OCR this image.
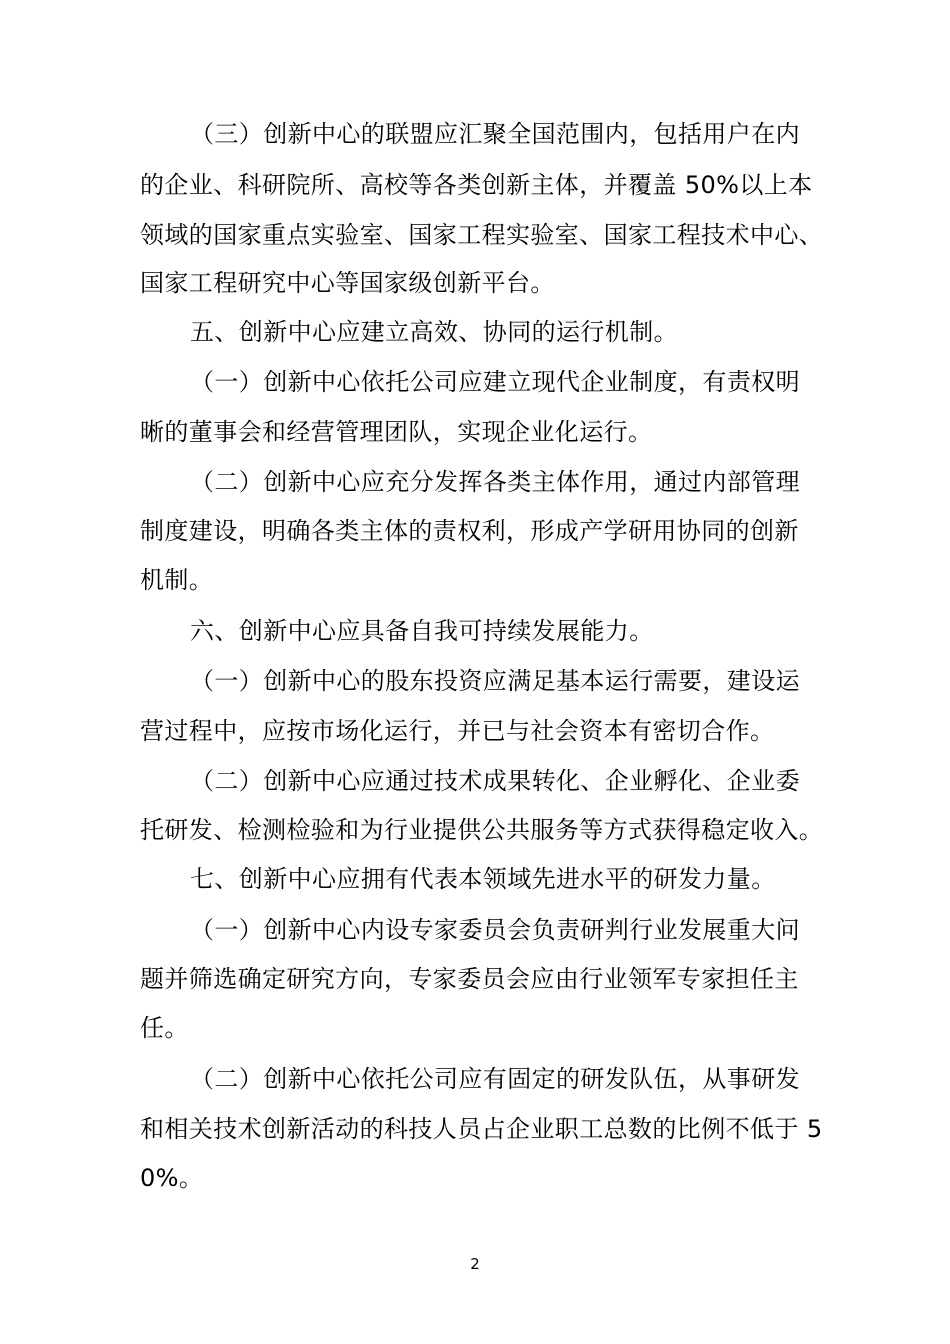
（三）创新中心的联盟应汇聚全国范围内，包括用户在内
的企业、科研院所、高校等各类创新主体，并覆盖 50%以上本
领域的国家重点实验室、国家工程实验室、国家工程技术中心、
国家工程研究中心等国家级创新平台。
五、创新中心应建立高效、协同的运行机制。
（一）创新中心依托公司应建立现代企业制度，有责权明
晰的董事会和经营管理团队，实现企业化运行。
（二）创新中心应充分发挥各类主体作用，通过内部管理
制度建设，明确各类主体的责权利，形成产学研用协同的创新
机制。
六、创新中心应具备自我可持续发展能力。
（一）创新中心的股东投资应满足基本运行需要，建设运
营过程中，应按市场化运行，并已与社会资本有密切合作。
（二）创新中心应通过技术成果转化、企业孵化、企业委
托研发、检测检验和为行业提供公共服务等方式获得稳定收入。
七、创新中心应拥有代表本领域先进水平的研发力量。
（一）创新中心内设专家委员会负责研判行业发展重大问
题并筛选确定研究方向，专家委员会应由行业领军专家担任主
任。
（二）创新中心依托公司应有固定的研发队伍，从事研发
和相关技术创新活动的科技人员占企业职工总数的比例不低于 5
0%。
2
